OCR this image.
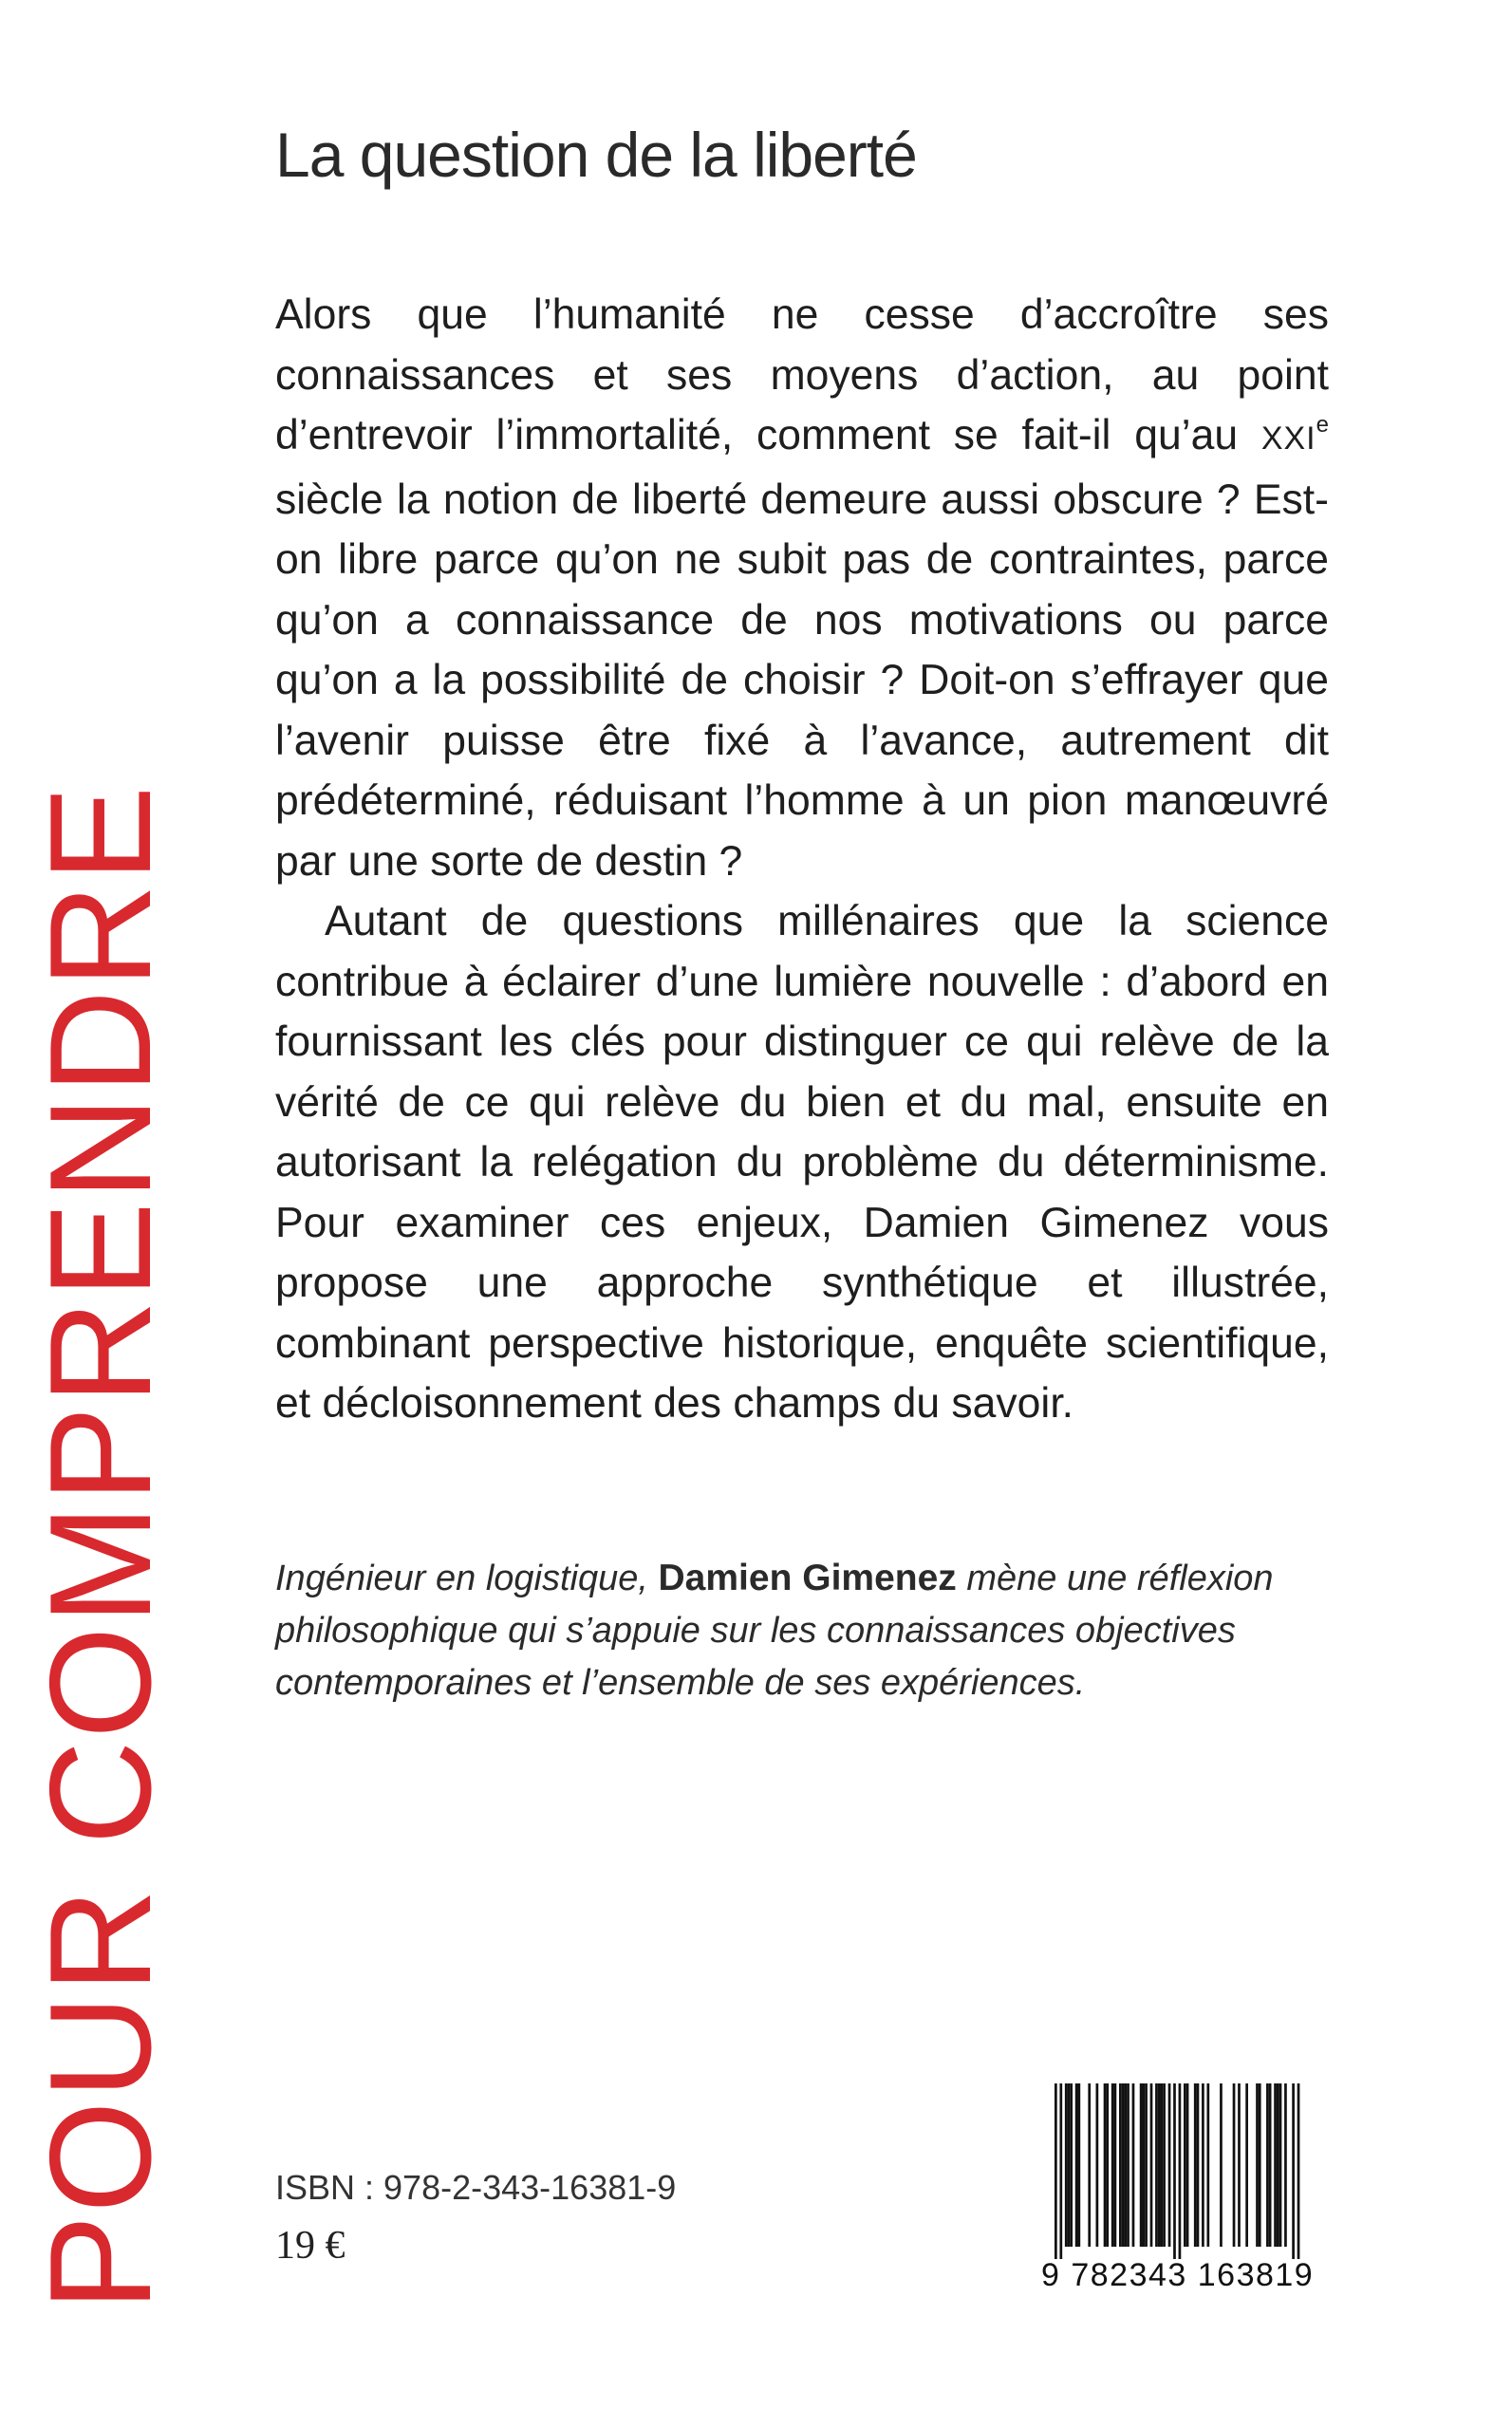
La question de la liberté

Alors que l’humanité ne cesse d’accroître ses connaissances et ses moyens d’action, au point d’entrevoir l’immortalité, comment se fait-il qu’au XXIe siècle la notion de liberté demeure aussi obscure ? Est-on libre parce qu’on ne subit pas de contraintes, parce qu’on a connaissance de nos motivations ou parce qu’on a la possibilité de choisir ? Doit-on s’effrayer que l’avenir puisse être fixé à l’avance, autrement dit prédéterminé, réduisant l’homme à un pion manœuvré par une sorte de destin ?

Autant de questions millénaires que la science contribue à éclairer d’une lumière nouvelle : d’abord en fournissant les clés pour distinguer ce qui relève de la vérité de ce qui relève du bien et du mal, ensuite en autorisant la relégation du problème du déterminisme. Pour examiner ces enjeux, Damien Gimenez vous propose une approche synthétique et illustrée, combinant perspective historique, enquête scientifique, et décloisonnement des champs du savoir.

Ingénieur en logistique, Damien Gimenez mène une réflexion philosophique qui s’appuie sur les connaissances objectives contemporaines et l’ensemble de ses expériences.
POUR COMPRENDRE	ISBN : 978-2-343-16381-9
19 €
9 782343 163819
